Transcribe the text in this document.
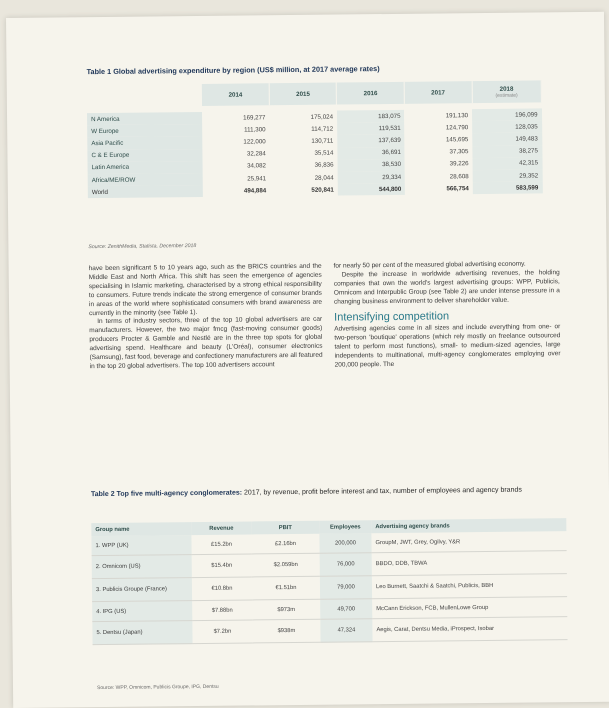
Table 1 Global advertising expenditure by region (US$ million, at 2017 average rates)
	2014	2015	2016	2017	2018
(estimate)

N America	169,277	175,024	183,075	191,130	196,099
W Europe	111,300	114,712	119,531	124,790	128,035
Asia Pacific	122,000	130,711	137,639	145,695	149,483
C & E Europe	32,284	35,514	36,691	37,305	38,275
Latin America	34,082	36,836	38,530	39,226	42,315
Africa/ME/ROW	25,941	28,044	29,334	28,608	29,352
World	494,884	520,841	544,800	566,754	583,599
Source: ZenithMedia, Statista, December 2018

have been significant 5 to 10 years ago, such as the BRICS countries and the Middle East and North Africa. This shift has seen the emergence of agencies specialising in Islamic marketing, characterised by a strong ethical responsibility to consumers. Future trends indicate the strong emergence of consumer brands in areas of the world where sophisticated consumers with brand awareness are currently in the minority (see Table 1).

In terms of industry sectors, three of the top 10 global advertisers are car manufacturers. However, the two major fmcg (fast-moving consumer goods) producers Procter & Gamble and Nestlé are in the three top spots for global advertising spend. Healthcare and beauty (L'Oréal), consumer electronics (Samsung), fast food, beverage and confectionery manufacturers are all featured in the top 20 global advertisers. The top 100 advertisers account

for nearly 50 per cent of the measured global advertising economy.

Despite the increase in worldwide advertising revenues, the holding companies that own the world's largest advertising groups: WPP, Publicis, Omnicom and Interpublic Group (see Table 2) are under intense pressure in a changing business environment to deliver shareholder value.

Intensifying competition

Advertising agencies come in all sizes and include everything from one- or two-person 'boutique' operations (which rely mostly on freelance outsourced talent to perform most functions), small- to medium-sized agencies, large independents to multinational, multi-agency conglomerates employing over 200,000 people. The

Table 2 Top five multi-agency conglomerates: 2017, by revenue, profit before interest and tax, number of employees and agency brands
Group name	Revenue	PBIT	Employees	Advertising agency brands
1. WPP (UK)	£15.2bn	£2.16bn	200,000	GroupM, JWT, Grey, Ogilvy, Y&R
2. Omnicom (US)	$15.4bn	$2.059bn	76,000	BBDO, DDB, TBWA
3. Publicis Groupe (France)	€10.8bn	€1.51bn	79,000	Leo Burnett, Saatchi & Saatchi, Publicis, BBH
4. IPG (US)	$7.88bn	$973m	49,700	McCann Erickson, FCB, MullenLowe Group
5. Dentsu (Japan)	$7.2bn	$938m	47,324	Aegis, Carat, Dentsu Media, iProspect, Isobar
Source: WPP, Omnicom, Publicis Groupe, IPG, Dentsu
